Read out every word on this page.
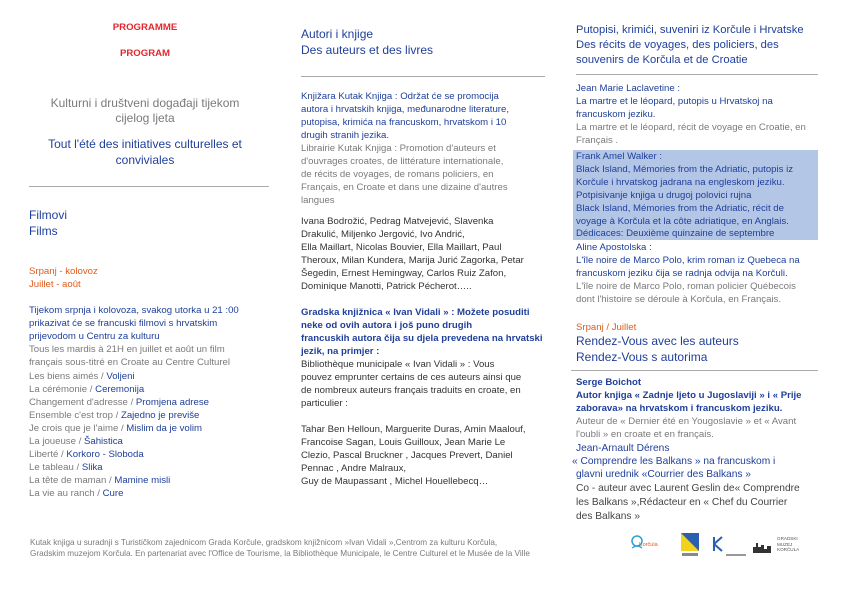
PROGRAMME
PROGRAM
Kulturni i društveni događaji tijekom
cijelog ljeta
Tout l'été des initiatives culturelles et
conviviales
Filmovi
Films
Srpanj - kolovoz
Juillet - août
Tijekom srpnja i kolovoza, svakog utorka u 21 :00
prikazivat će se francuski filmovi s hrvatskim
prijevodom u Centru za kulturu
Tous les mardis à 21H en juillet et août un film
français sous-titré en Croate au Centre Culturel
Les biens aimés / Voljeni
La cérémonie / Ceremonija
Changement d'adresse / Promjena adrese
Ensemble c'est trop / Zajedno je previše
Je crois que je l'aime / Mislim da je volim
La joueuse / Šahistica
Liberté / Korkoro - Sloboda
Le tableau / Slika
La tête de maman / Mamine misli
La vie au ranch / Cure
Autori i knjige
Des auteurs et des livres
Knjižara Kutak Knjiga : Održat će se promocija
autora i hrvatskih knjiga, međunarodne literature,
putopisa, krimića na francuskom, hrvatskom i 10
drugih stranih jezika.
Librairie Kutak Knjiga : Promotion d'auteurs et
d'ouvrages croates, de littérature internationale,
de récits de voyages, de romans policiers, en
Français, en Croate et dans une dizaine d'autres
langues
Ivana Bodrožić, Pedrag Matvejević, Slavenka
Drakulić, Miljenko Jergović, Ivo Andrić,
Ella Maillart, Nicolas Bouvier, Ella Maillart, Paul
Theroux, Milan Kundera, Marija Jurić Zagorka, Petar
Šegedin, Ernest Hemingway, Carlos Ruiz Zafon,
Dominique Manotti, Patrick Pécherot…..
Gradska knjižnica « Ivan Vidali » : Možete posuditi
neke od ovih autora i još puno drugih
francuskih autora čija su djela prevedena na hrvatski
jezik, na primjer :
Bibliothèque municipale « Ivan Vidali » : Vous
pouvez emprunter certains de ces auteurs ainsi que
de nombreux auteurs français traduits en croate, en
particulier :
Tahar Ben Helloun, Marguerite Duras, Amin Maalouf,
Francoise Sagan, Louis Guilloux, Jean Marie Le
Clezio, Pascal Bruckner , Jacques Prevert, Daniel
Pennac , Andre Malraux,
Guy de Maupassant , Michel Houellebecq…
Putopisi, krimići, suveniri iz Korčule i Hrvatske
Des récits de voyages, des policiers, des
souvenirs de Korčula et de Croatie
Jean Marie Laclavetine :
La martre et le léopard, putopis u Hrvatskoj na
francuskom jeziku.
La martre et le léopard, récit de voyage en Croatie, en
Français .
Frank Amel Walker :
Black Island, Mémories from the Adriatic, putopis iz
Korčule i hrvatskog jadrana na engleskom jeziku.
Potpisivanje knjiga u drugoj polovici rujna
Black Island, Mémories from the Adriatic, récit de
voyage à Korčula et la côte adriatique, en Anglais.
Dédicaces: Deuxième quinzaine de septembre
Aline Apostolska :
L'île noire de Marco Polo, krim roman iz Quebeca na
francuskom jeziku čija se radnja odvija na Korčuli.
L'île noire de Marco Polo, roman policier Québecois
dont l'histoire se déroule à Korčula, en Français.
Srpanj / Juillet
Rendez-Vous avec les auteurs
Rendez-Vous s autorima
Serge Boichot
Autor knjiga « Zadnje ljeto u Jugoslaviji » i « Prije
zaborava» na hrvatskom i francuskom jeziku.
Auteur de « Dernier été en Yougoslavie » et « Avant
l'oubli » en croate et en français.
Jean-Arnault Dérens
« Comprendre les Balkans » na francuskom i
glavni urednik «Courrier des Balkans »
Co - auteur avec Laurent Geslin de« Comprendre
les Balkans »,Rédacteur en « Chef du Courrier
des Balkans »
Kutak knjiga u suradnji s Turističkom zajednicom Grada Korčule, gradskom knjižnicom »Ivan Vidali »,Centrom za kulturu Korčula,
Gradskim muzejom Korčula. En partenariat avec l'Office de Tourisme, la Bibliothèque Municipale, le Centre Culturel et le Musée de la Ville
Korčula
GRADSKI
MUZEJ
KORČULA
